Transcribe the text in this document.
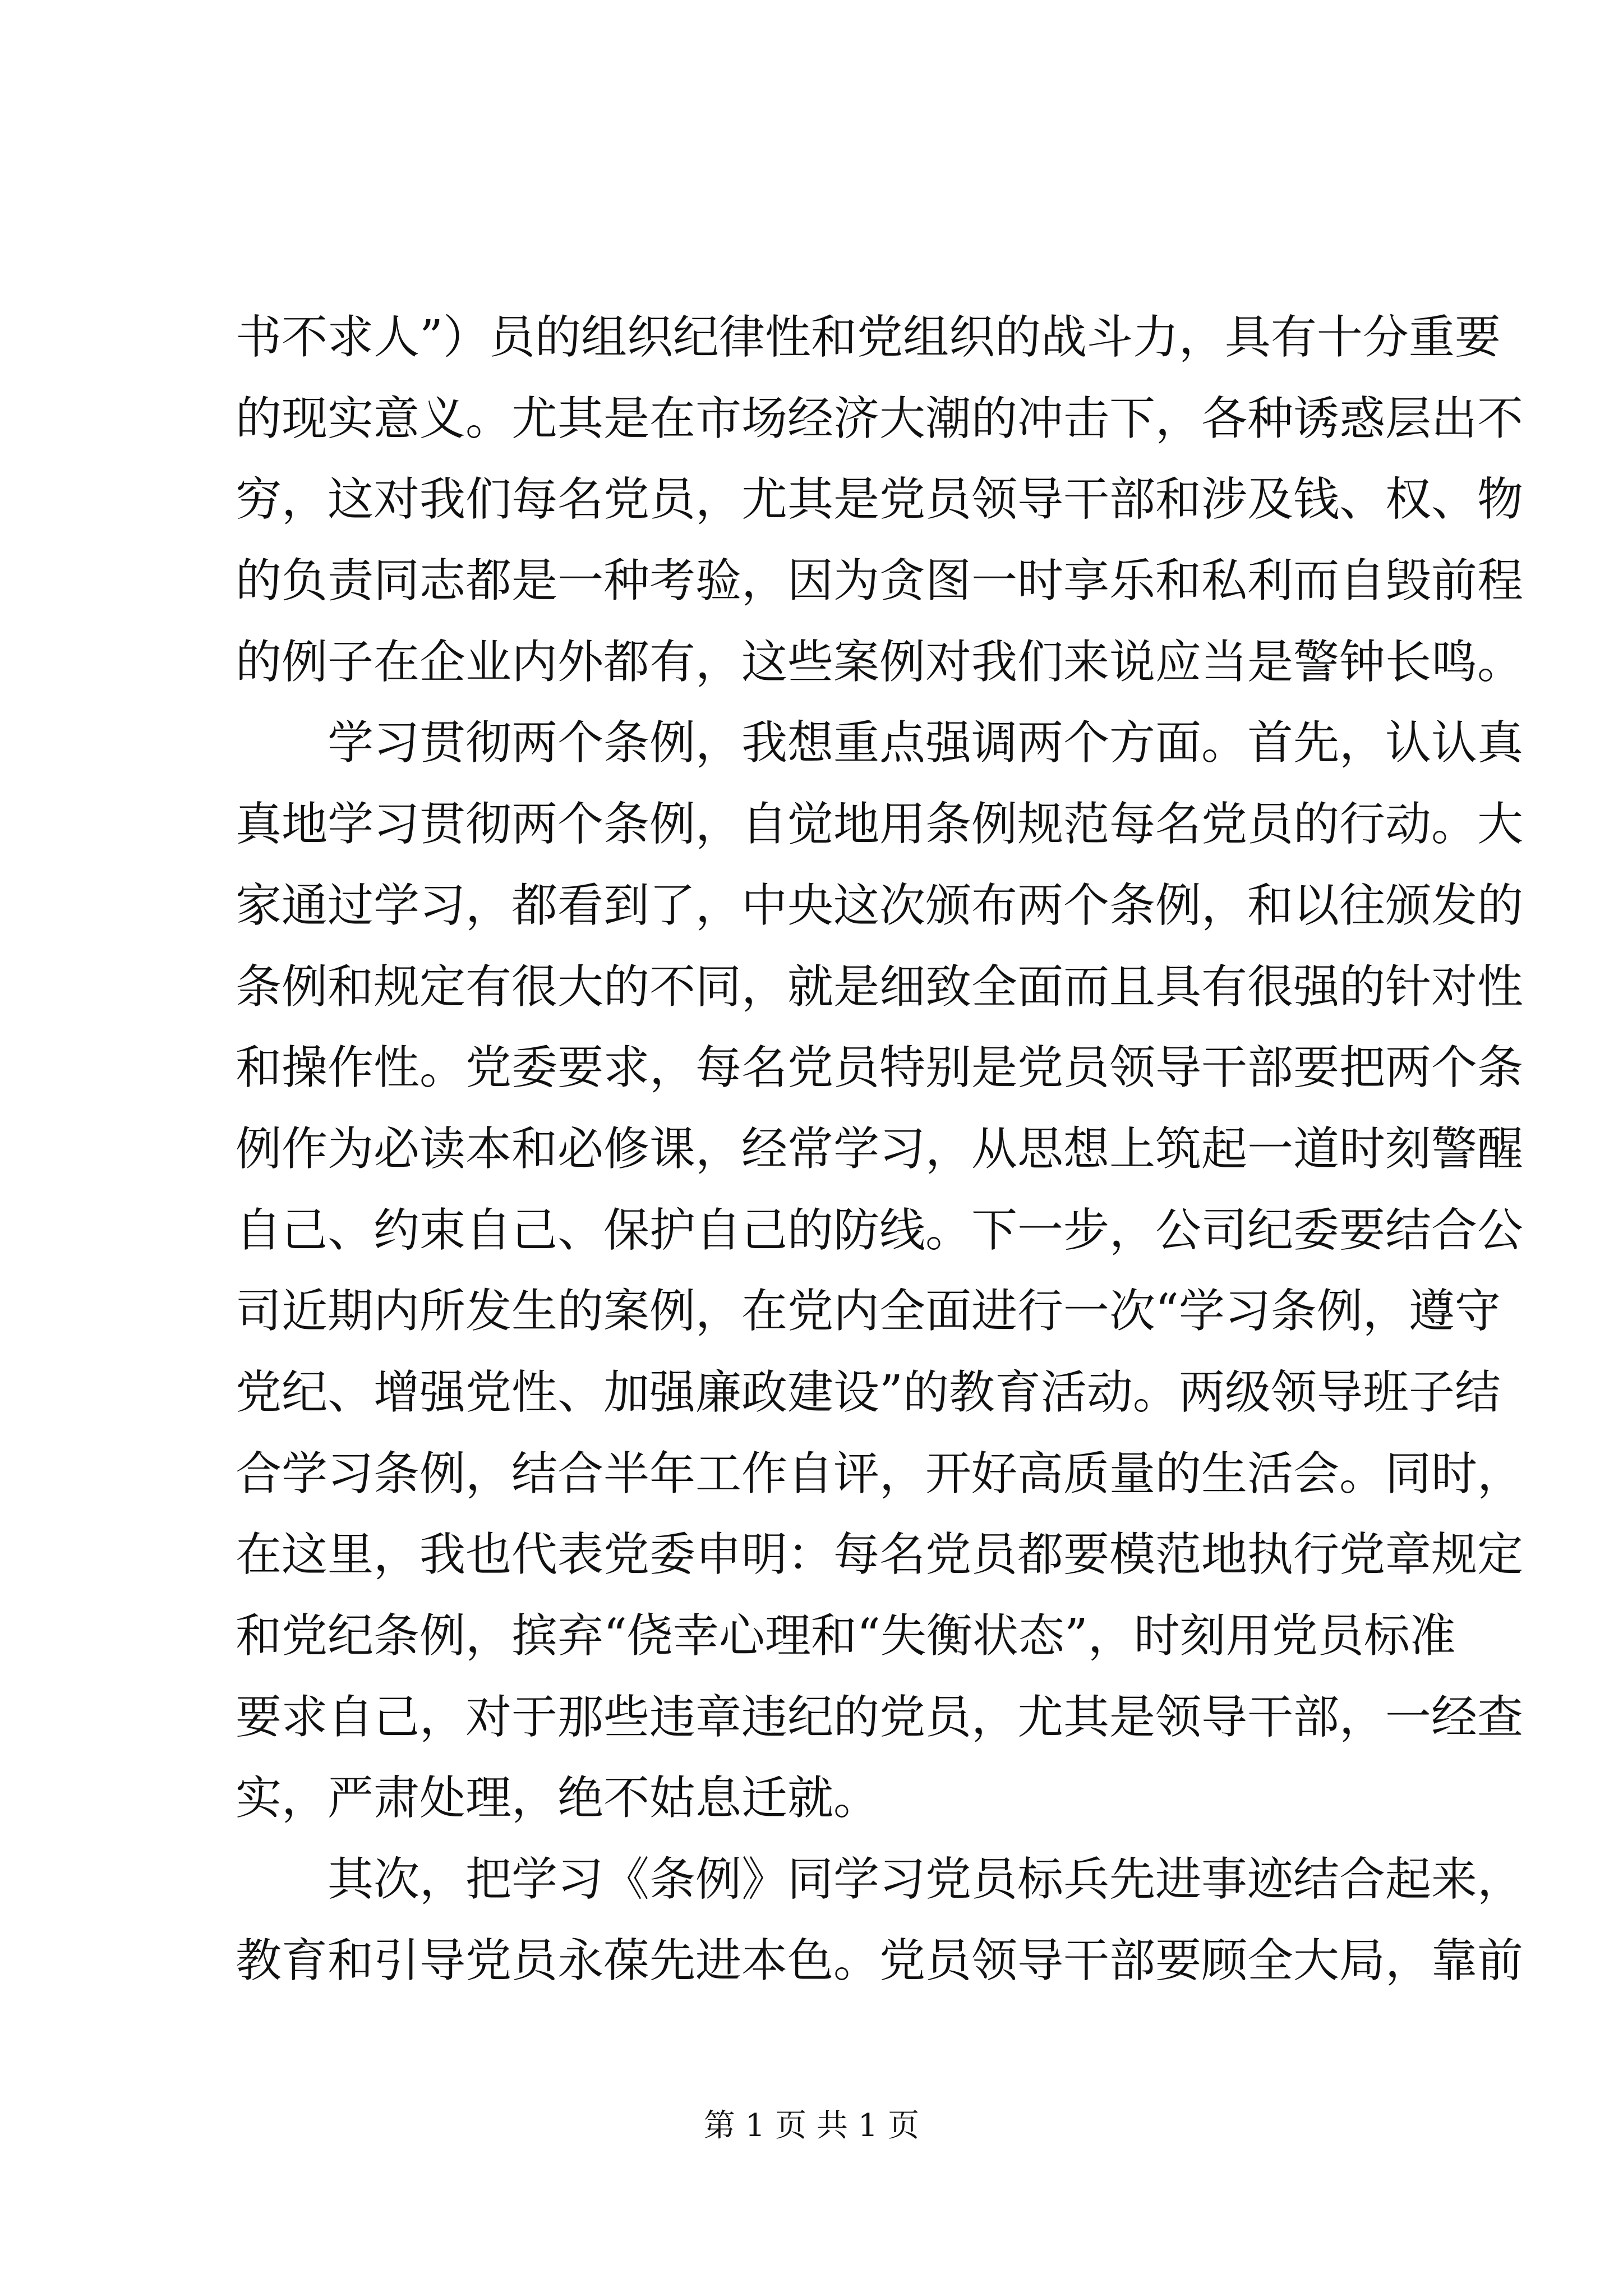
书不求人”）员的组织纪律性和党组织的战斗力，具有十分重要
的现实意义。尤其是在市场经济大潮的冲击下，各种诱惑层出不
穷，这对我们每名党员，尤其是党员领导干部和涉及钱、权、物
的负责同志都是一种考验，因为贪图一时享乐和私利而自毁前程
的例子在企业内外都有，这些案例对我们来说应当是警钟长鸣。
　　学习贯彻两个条例，我想重点强调两个方面。首先，认认真
真地学习贯彻两个条例，自觉地用条例规范每名党员的行动。大
家通过学习，都看到了，中央这次颁布两个条例，和以往颁发的
条例和规定有很大的不同，就是细致全面而且具有很强的针对性
和操作性。党委要求，每名党员特别是党员领导干部要把两个条
例作为必读本和必修课，经常学习，从思想上筑起一道时刻警醒
自己、约束自己、保护自己的防线。下一步，公司纪委要结合公
司近期内所发生的案例，在党内全面进行一次“学习条例，遵守
党纪、增强党性、加强廉政建设”的教育活动。两级领导班子结
合学习条例，结合半年工作自评，开好高质量的生活会。同时，
在这里，我也代表党委申明：每名党员都要模范地执行党章规定
和党纪条例，摈弃“侥幸心理和“失衡状态”，时刻用党员标准
要求自己，对于那些违章违纪的党员，尤其是领导干部，一经查
实，严肃处理，绝不姑息迁就。
　　其次，把学习《条例》同学习党员标兵先进事迹结合起来，
教育和引导党员永葆先进本色。党员领导干部要顾全大局，靠前
第 1 页 共 1 页
